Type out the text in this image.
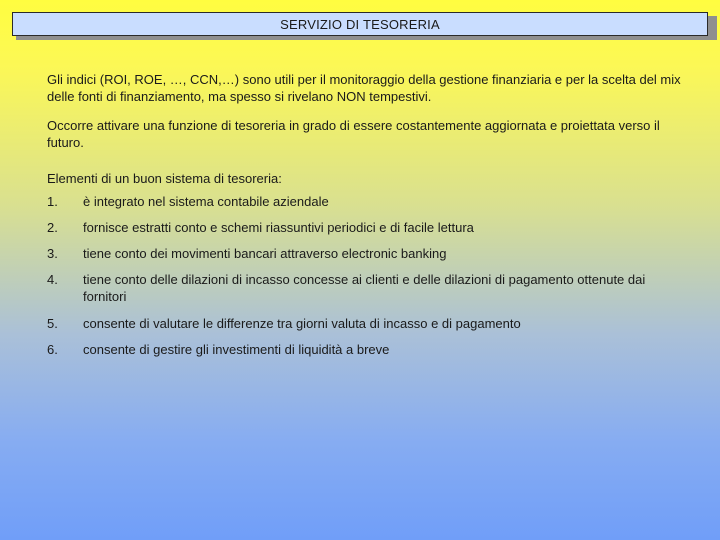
SERVIZIO DI TESORERIA

Gli indici (ROI, ROE, …, CCN,…) sono utili per il monitoraggio della gestione finanziaria e per la scelta del mix delle fonti di finanziamento, ma spesso si rivelano NON tempestivi.

Occorre attivare una funzione di tesoreria in grado di essere costantemente aggiornata e proiettata verso il futuro.

Elementi di un buon sistema di tesoreria:

1.	è integrato nel sistema contabile aziendale
2.	fornisce estratti conto e schemi riassuntivi periodici e di facile lettura
3.	tiene conto dei movimenti bancari attraverso electronic banking
4.	tiene conto delle dilazioni di incasso concesse ai clienti e delle dilazioni di pagamento ottenute dai fornitori
5.	consente di valutare le differenze tra giorni valuta di incasso e di pagamento
6.	consente di gestire gli investimenti di liquidità a breve
